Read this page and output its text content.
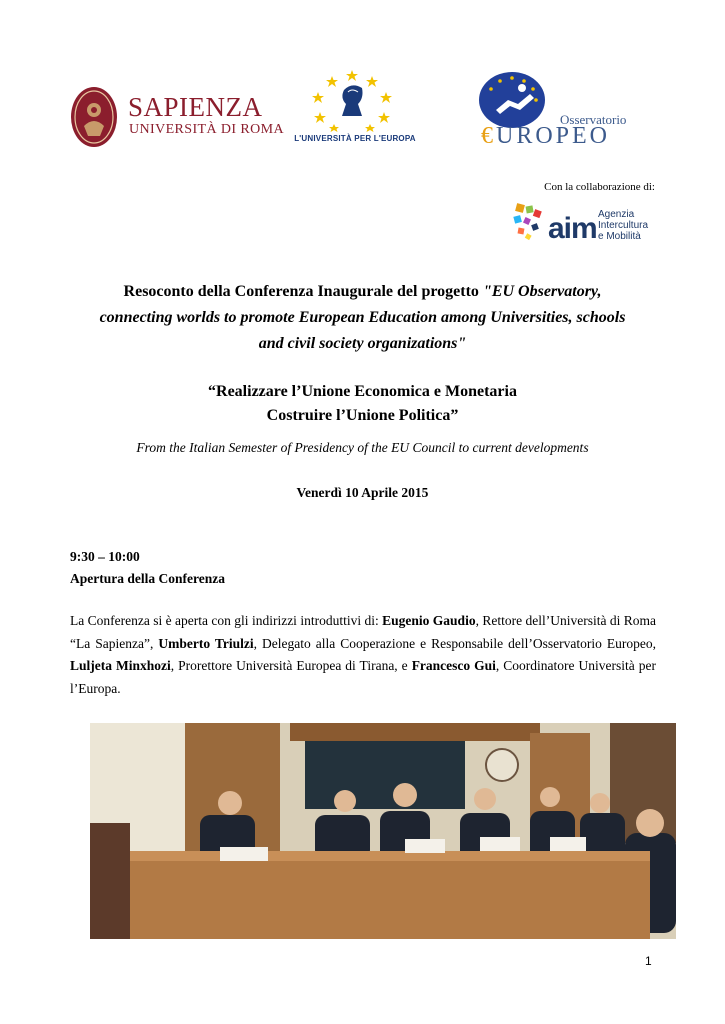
SAPIENZA
UNIVERSITÀ DI ROMA
L'UNIVERSITÀ PER L'EUROPA
Osservatorio
€UROPEO
Con la collaborazione di:
aim Agenzia
Intercultura
e Mobilità
Resoconto della Conferenza Inaugurale del progetto "EU Observatory,
connecting worlds to promote European Education among Universities, schools
and civil society organizations"
“Realizzare l’Unione Economica e Monetaria
Costruire l’Unione Politica”
From the Italian Semester of Presidency of the EU Council to current developments
Venerdì 10 Aprile 2015
9:30 – 10:00
Apertura della Conferenza
La Conferenza si è aperta con gli indirizzi introduttivi di: Eugenio Gaudio, Rettore dell’Università di Roma “La Sapienza”, Umberto Triulzi, Delegato alla Cooperazione e Responsabile dell’Osservatorio Europeo, Luljeta Minxhozi, Prorettore Università Europea di Tirana, e Francesco Gui, Coordinatore Università per l’Europa.
1
